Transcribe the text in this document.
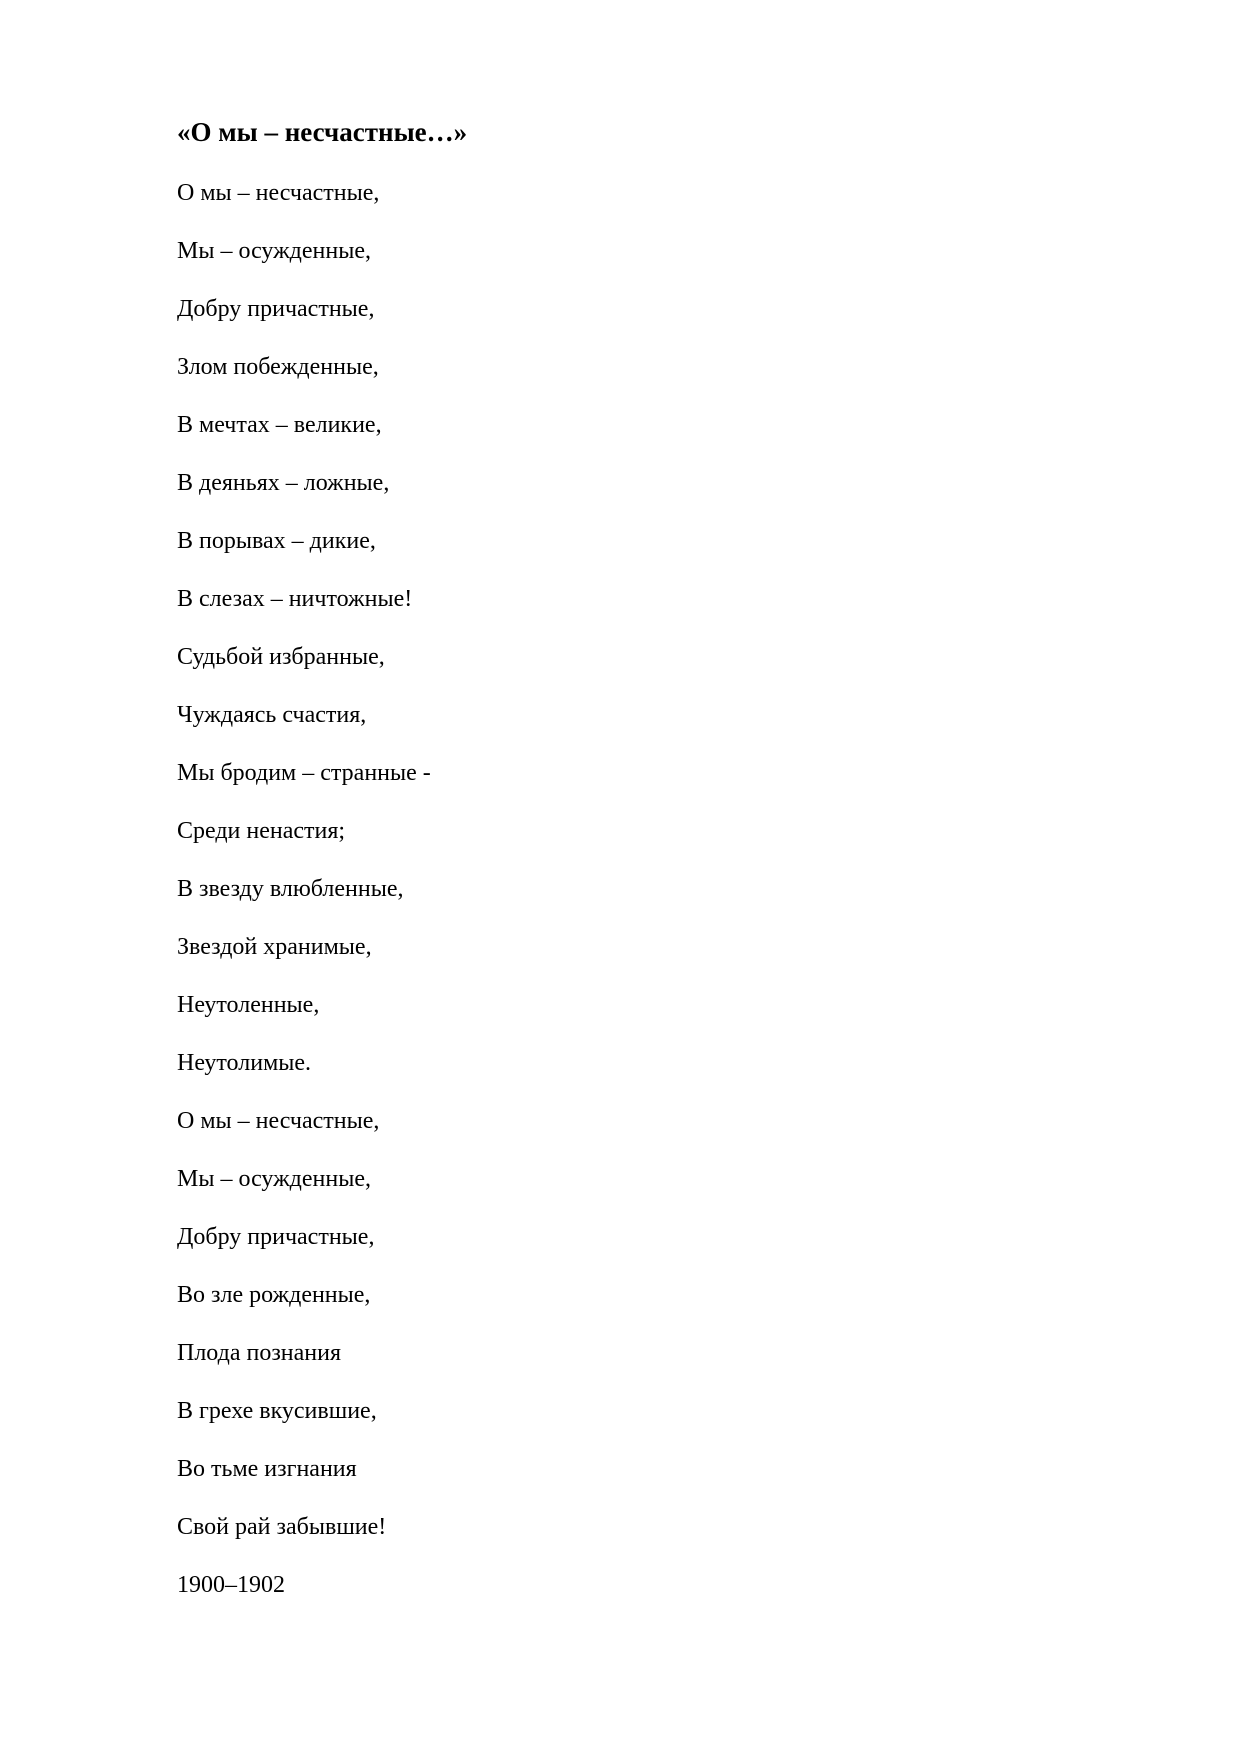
«О мы – несчастные…»
О мы – несчастные,
Мы – осужденные,
Добру причастные,
Злом побежденные,
В мечтах – великие,
В деяньях – ложные,
В порывах – дикие,
В слезах – ничтожные!
Судьбой избранные,
Чуждаясь счастия,
Мы бродим – странные -
Среди ненастия;
В звезду влюбленные,
Звездой хранимые,
Неутоленные,
Неутолимые.
О мы – несчастные,
Мы – осужденные,
Добру причастные,
Во зле рожденные,
Плода познания
В грехе вкусившие,
Во тьме изгнания
Свой рай забывшие!

1900–1902
